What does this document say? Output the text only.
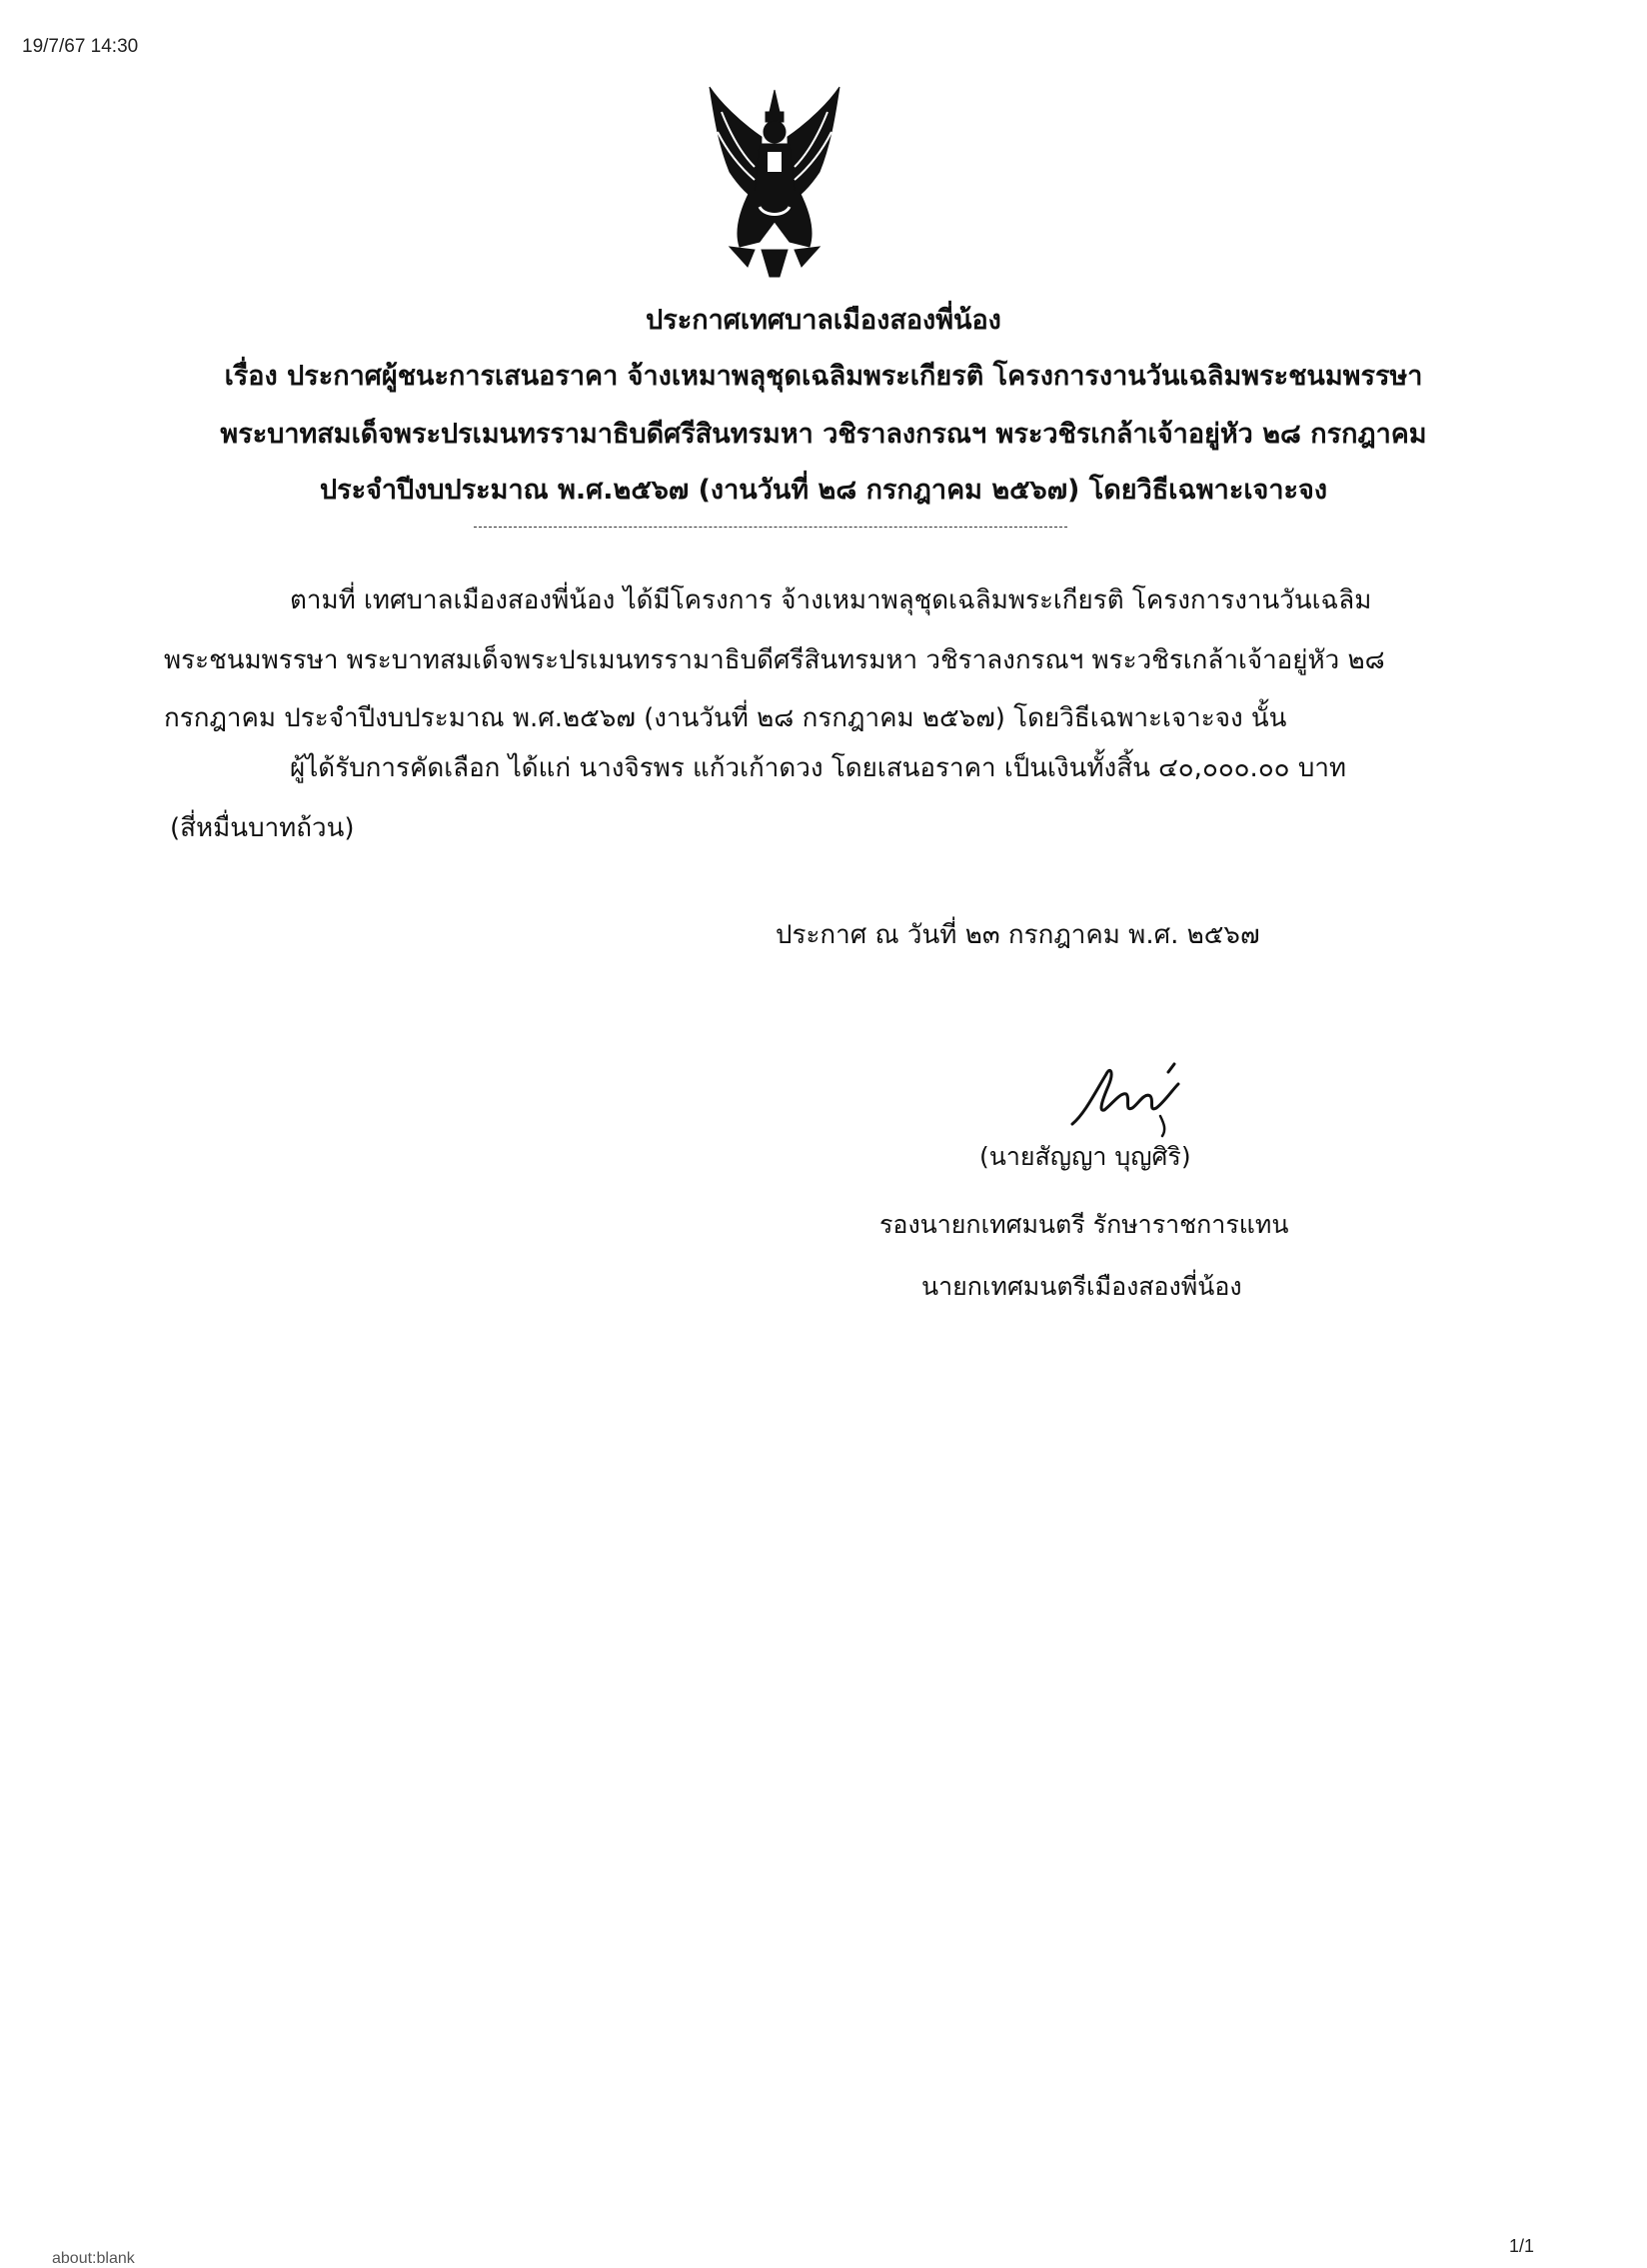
19/7/67 14:30
ประกาศเทศบาลเมืองสองพี่น้อง
เรื่อง ประกาศผู้ชนะการเสนอราคา จ้างเหมาพลุชุดเฉลิมพระเกียรติ โครงการงานวันเฉลิมพระชนมพรรษา
พระบาทสมเด็จพระปรเมนทรรามาธิบดีศรีสินทรมหา วชิราลงกรณฯ พระวชิรเกล้าเจ้าอยู่หัว ๒๘ กรกฎาคม
ประจำปีงบประมาณ พ.ศ.๒๕๖๗ (งานวันที่ ๒๘ กรกฎาคม ๒๕๖๗) โดยวิธีเฉพาะเจาะจง
ตามที่ เทศบาลเมืองสองพี่น้อง ได้มีโครงการ จ้างเหมาพลุชุดเฉลิมพระเกียรติ โครงการงานวันเฉลิม
พระชนมพรรษา พระบาทสมเด็จพระปรเมนทรรามาธิบดีศรีสินทรมหา วชิราลงกรณฯ พระวชิรเกล้าเจ้าอยู่หัว ๒๘
กรกฎาคม ประจำปีงบประมาณ พ.ศ.๒๕๖๗ (งานวันที่ ๒๘ กรกฎาคม ๒๕๖๗) โดยวิธีเฉพาะเจาะจง นั้น
ผู้ได้รับการคัดเลือก ได้แก่ นางจิรพร แก้วเก้าดวง โดยเสนอราคา เป็นเงินทั้งสิ้น ๔๐,๐๐๐.๐๐ บาท
(สี่หมื่นบาทถ้วน)
ประกาศ ณ วันที่ ๒๓ กรกฎาคม พ.ศ. ๒๕๖๗
(นายสัญญา บุญศิริ)
รองนายกเทศมนตรี รักษาราชการแทน
นายกเทศมนตรีเมืองสองพี่น้อง
about:blank
1/1
